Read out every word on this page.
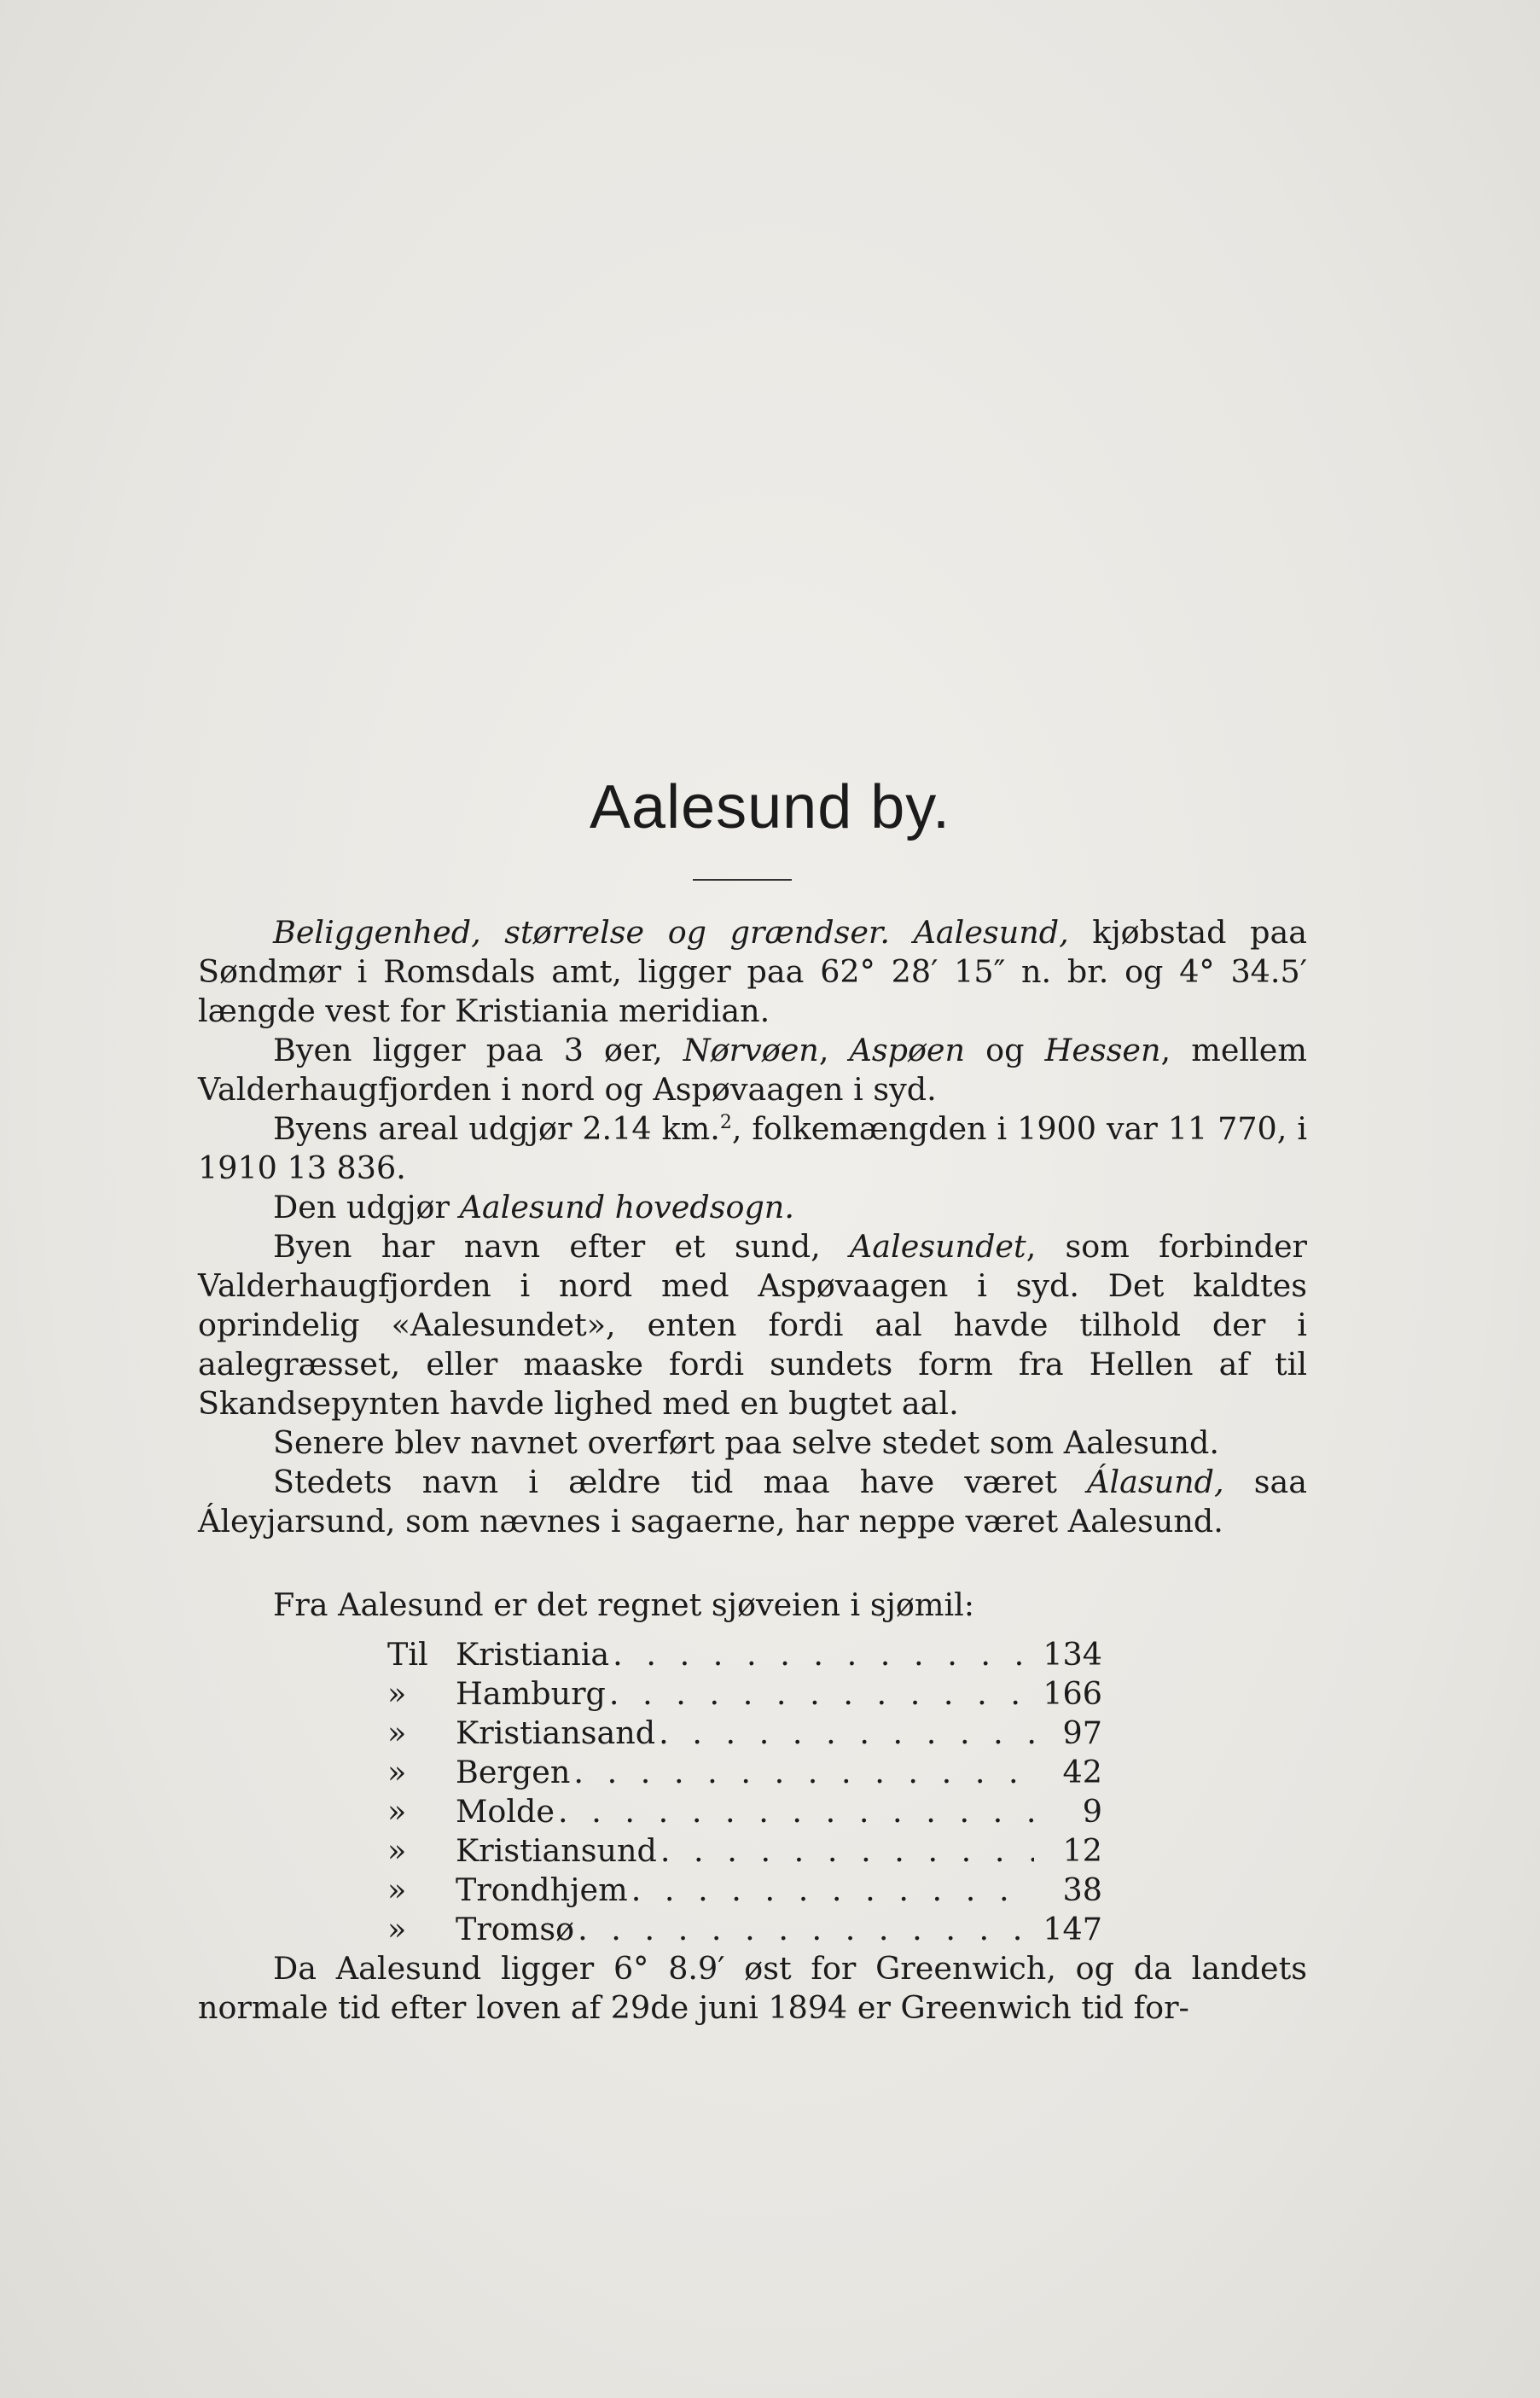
Aalesund by.

Beliggenhed, størrelse og grændser. Aalesund, kjøbstad paa Søndmør i Romsdals amt, ligger paa 62° 28′ 15″ n. br. og 4° 34.5′ længde vest for Kristiania meridian.

Byen ligger paa 3 øer, Nørvøen, Aspøen og Hessen, mellem Valderhaugfjorden i nord og Aspøvaagen i syd.

Byens areal udgjør 2.14 km.$^2$, folkemængden i 1900 var 11 770, i 1910 13 836.

Den udgjør Aalesund hovedsogn.

Byen har navn efter et sund, Aalesundet, som forbinder Valderhaugfjorden i nord med Aspøvaagen i syd. Det kaldtes oprindelig «Aalesundet», enten fordi aal havde tilhold der i aalegræsset, eller maaske fordi sundets form fra Hellen af til Skandsepynten havde lighed med en bugtet aal.

Senere blev navnet overført paa selve stedet som Aalesund.

Stedets navn i ældre tid maa have været Álasund, saa Áleyjarsund, som nævnes i sagaerne, har neppe været Aalesund.

Fra Aalesund er det regnet sjøveien i sjømil:

Til Kristiania . . .	134
»	Hamburg . . .	166
»	Kristiansand . . .	97
»	Bergen . . .	42
»	Molde . . .	9
»	Kristiansund . . .	12
»	Trondhjem . . .	38
»	Tromsø . . .	147

Da Aalesund ligger 6° 8.9′ øst for Greenwich, og da landets normale tid efter loven af 29de juni 1894 er Greenwich tid for-
